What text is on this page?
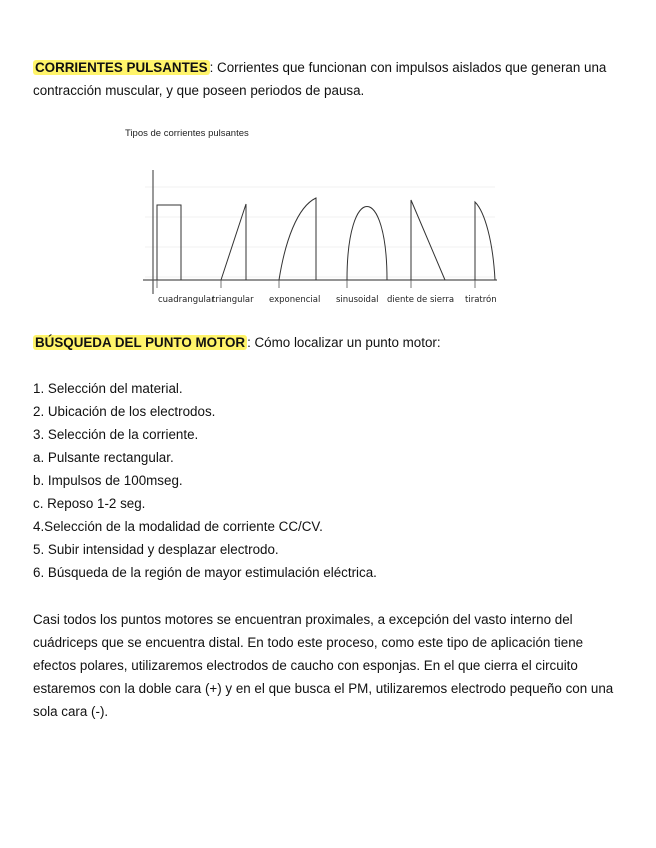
CORRIENTES PULSANTES : Corrientes que funcionan con impulsos aislados que generan una contracción muscular, y que poseen periodos de pausa.

Tipos de corrientes pulsantes
cuadrangular
triangular exponencial sinusoidal diente de sierra tiratrón

BÚSQUEDA DEL PUNTO MOTOR : Cómo localizar un punto motor:

1. Selección del material.
2. Ubicación de los electrodos.
3. Selección de la corriente.
a. Pulsante rectangular.
b. Impulsos de 100mseg.
c. Reposo 1-2 seg.
4.Selección de la modalidad de corriente CC/CV.
5. Subir intensidad y desplazar electrodo.
6. Búsqueda de la región de mayor estimulación eléctrica.

Casi todos los puntos motores se encuentran proximales, a excepción del vasto interno del cuádriceps que se encuentra distal. En todo este proceso, como este tipo de aplicación tiene efectos polares, utilizaremos electrodos de caucho con esponjas. En el que cierra el circuito estaremos con la doble cara (+) y en el que busca el PM, utilizaremos electrodo pequeño con una sola cara (-).
